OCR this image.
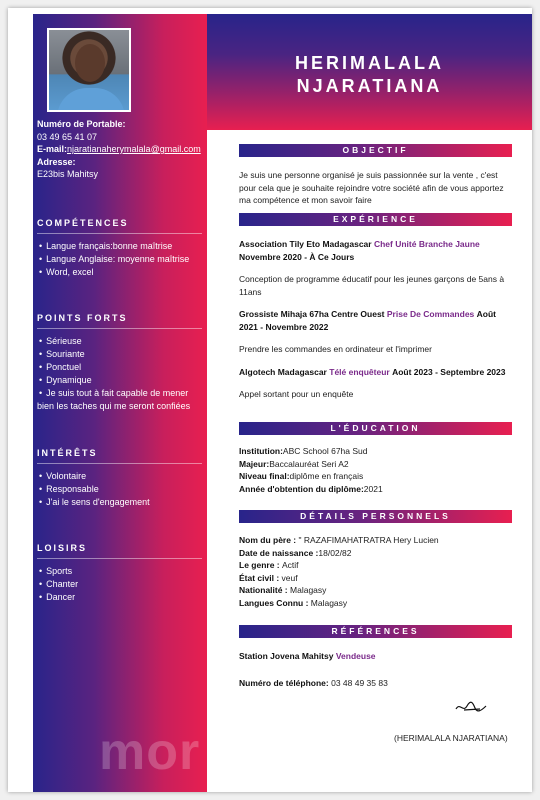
Numéro de Portable:
03 49 65 41 07
E-mail:njaratianaherymalala@gmail.com
Adresse:
E23bis Mahitsy
COMPÉTENCES
• Langue français:bonne maîtrise
• Langue Anglaise: moyenne maîtrise
• Word, excel
POINTS FORTS
• Sérieuse
• Souriante
• Ponctuel
• Dynamique
• Je suis tout à fait capable de mener bien les taches qui me seront confiées
INTÉRÊTS
• Volontaire
• Responsable
• J'ai le sens d'engagement
LOISIRS
• Sports
• Chanter
• Dancer
mor
HERIMALALA
NJARATIANA
OBJECTIF

Je suis une personne organisé je suis passionnée sur la vente , c'est pour cela que je souhaite rejoindre votre société afin de vous apportez ma compétence et mon savoir faire

EXPÉRIENCE

Association Tily Eto Madagascar Chef Unité Branche Jaune
Novembre 2020 - À Ce Jours

Conception de programme éducatif pour les jeunes garçons de 5ans à 11ans

Grossiste Mihaja 67ha Centre Ouest Prise De Commandes Août 2021 - Novembre 2022

Prendre les commandes en ordinateur et l'imprimer

Algotech Madagascar Télé enquêteur Août 2023 - Septembre 2023

Appel sortant pour un enquête

L'ÉDUCATION
Institution:ABC School 67ha Sud
Majeur:Baccalauréat Seri A2
Niveau final:diplôme en français
Année d'obtention du diplôme:2021
DÉTAILS PERSONNELS
Nom du père : " RAZAFIMAHATRATRA Hery Lucien
Date de naissance :18/02/82
Le genre : Actif
État civil : veuf
Nationalité : Malagasy
Langues Connu : Malagasy
RÉFÉRENCES

Station Jovena Mahitsy Vendeuse

Numéro de téléphone: 03 48 49 35 83

(HERIMALALA NJARATIANA)
